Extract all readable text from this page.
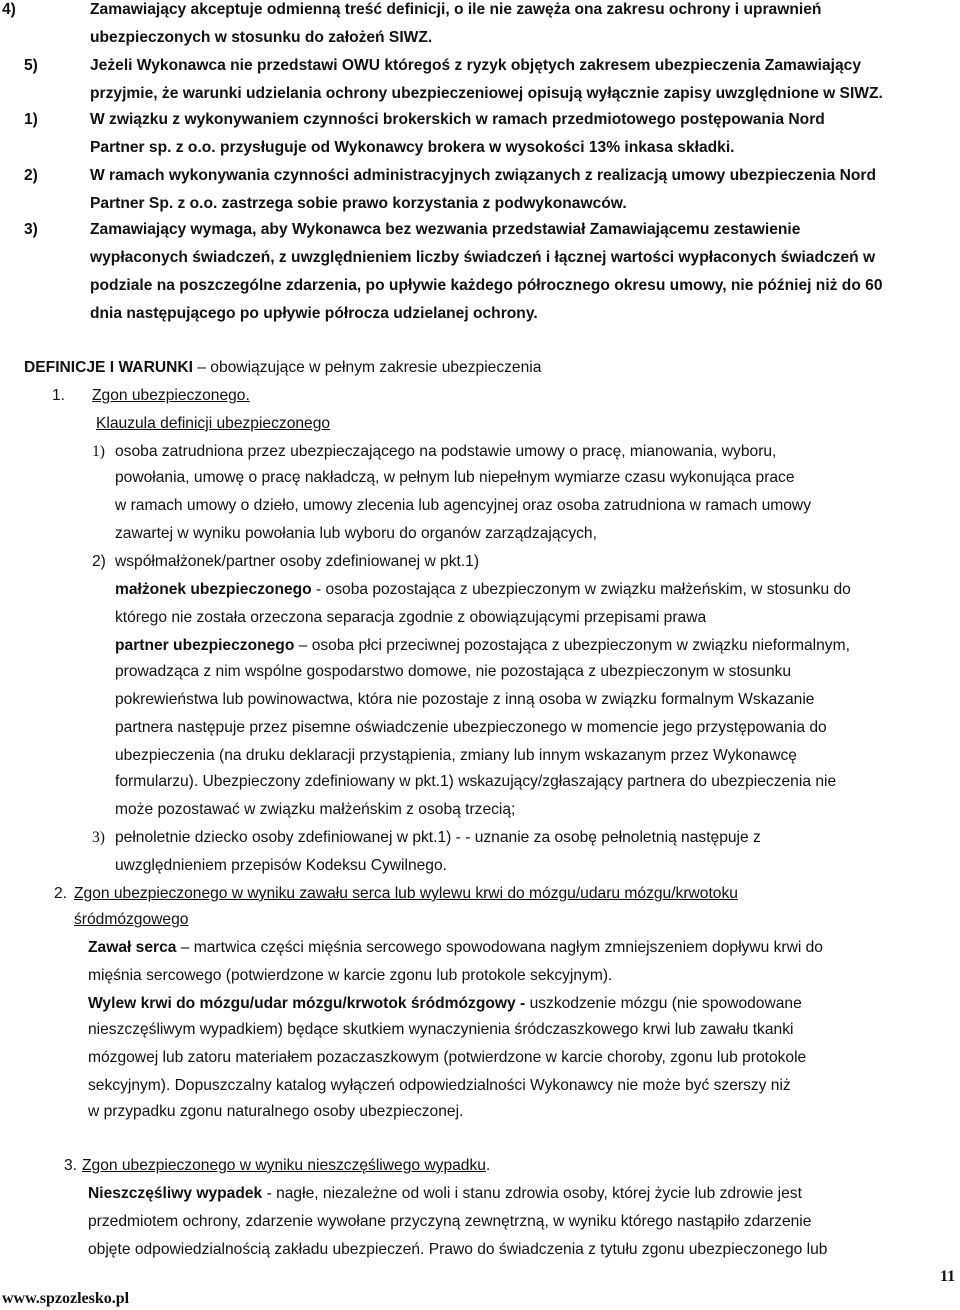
4)	Zamawiający akceptuje odmienną treść definicji, o ile nie zawęża ona zakresu ochrony i uprawnień
ubezpieczonych w stosunku do założeń SIWZ.
5)	Jeżeli Wykonawca nie przedstawi OWU któregoś z ryzyk objętych zakresem ubezpieczenia Zamawiający
przyjmie, że warunki udzielania ochrony ubezpieczeniowej opisują wyłącznie zapisy uwzględnione w SIWZ.
1)	W związku z wykonywaniem czynności brokerskich w ramach przedmiotowego postępowania Nord
Partner sp. z o.o. przysługuje od Wykonawcy brokera w wysokości 13% inkasa składki.
2)	W ramach wykonywania czynności administracyjnych związanych z realizacją umowy ubezpieczenia Nord
Partner Sp. z o.o. zastrzega sobie prawo korzystania z podwykonawców.
3)	Zamawiający wymaga, aby Wykonawca bez wezwania przedstawiał Zamawiającemu zestawienie
wypłaconych świadczeń, z uwzględnieniem liczby świadczeń i łącznej wartości wypłaconych świadczeń w
podziale na poszczególne zdarzenia, po upływie każdego półrocznego okresu umowy, nie później niż do 60
dnia następującego po upływie półrocza udzielanej ochrony.
DEFINICJE I WARUNKI – obowiązujące w pełnym zakresie ubezpieczenia
1. Zgon ubezpieczonego.
Klauzula definicji ubezpieczonego
1) osoba zatrudniona przez ubezpieczającego na podstawie umowy o pracę, mianowania, wyboru,
powołania, umowę o pracę nakładczą, w pełnym lub niepełnym wymiarze czasu wykonująca prace
w ramach umowy o dzieło, umowy zlecenia lub agencyjnej oraz osoba zatrudniona w ramach umowy
zawartej w wyniku powołania lub wyboru do organów zarządzających,
2) współmałżonek/partner osoby zdefiniowanej w pkt.1)
małżonek ubezpieczonego - osoba pozostająca z ubezpieczonym w związku małżeńskim, w stosunku do
którego nie została orzeczona separacja zgodnie z obowiązującymi przepisami prawa
partner ubezpieczonego – osoba płci przeciwnej pozostająca z ubezpieczonym w związku nieformalnym,
prowadząca z nim wspólne gospodarstwo domowe, nie pozostająca z ubezpieczonym w stosunku
pokrewieństwa lub powinowactwa, która nie pozostaje z inną osoba w związku formalnym Wskazanie
partnera następuje przez pisemne oświadczenie ubezpieczonego w momencie jego przystępowania do
ubezpieczenia (na druku deklaracji przystąpienia, zmiany lub innym wskazanym przez Wykonawcę
formularzu). Ubezpieczony zdefiniowany w pkt.1) wskazujący/zgłaszający partnera do ubezpieczenia nie
może pozostawać w związku małżeńskim z osobą trzecią;
3) pełnoletnie dziecko osoby zdefiniowanej w pkt.1) - - uznanie za osobę pełnoletnią następuje z
uwzględnieniem przepisów Kodeksu Cywilnego.
2. Zgon ubezpieczonego w wyniku zawału serca lub wylewu krwi do mózgu/udaru mózgu/krwotoku
śródmózgowego
Zawał serca – martwica części mięśnia sercowego spowodowana nagłym zmniejszeniem dopływu krwi do
mięśnia sercowego (potwierdzone w karcie zgonu lub protokole sekcyjnym).
Wylew krwi do mózgu/udar mózgu/krwotok śródmózgowy - uszkodzenie mózgu (nie spowodowane
nieszczęśliwym wypadkiem) będące skutkiem wynaczynienia śródczaszkowego krwi lub zawału tkanki
mózgowej lub zatoru materiałem pozaczaszkowym (potwierdzone w karcie choroby, zgonu lub protokole
sekcyjnym). Dopuszczalny katalog wyłączeń odpowiedzialności Wykonawcy nie może być szerszy niż
w przypadku zgonu naturalnego osoby ubezpieczonej.
3. Zgon ubezpieczonego w wyniku nieszczęśliwego wypadku.
Nieszczęśliwy wypadek - nagłe, niezależne od woli i stanu zdrowia osoby, której życie lub zdrowie jest
przedmiotem ochrony, zdarzenie wywołane przyczyną zewnętrzną, w wyniku którego nastąpiło zdarzenie
objęte odpowiedzialnością zakładu ubezpieczeń. Prawo do świadczenia z tytułu zgonu ubezpieczonego lub
11
www.spzozlesko.pl
